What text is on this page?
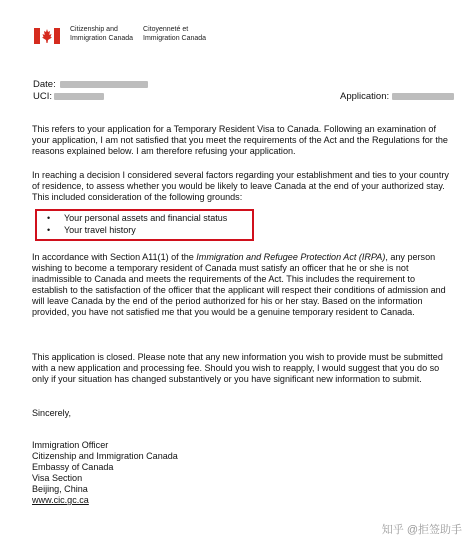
Citizenship and
Immigration Canada
Citoyenneté et
Immigration Canada
Date:
UCI:	Application:

This refers to your application for a Temporary Resident Visa to Canada. Following an examination of your application, I am not satisfied that you meet the requirements of the Act and the Regulations for the reasons explained below. I am therefore refusing your application.

In reaching a decision I considered several factors regarding your establishment and ties to your country of residence, to assess whether you would be likely to leave Canada at the end of your authorized stay. This included consideration of the following grounds:

• Your personal assets and financial status
• Your travel history

In accordance with Section A11(1) of the Immigration and Refugee Protection Act (IRPA), any person wishing to become a temporary resident of Canada must satisfy an officer that he or she is not inadmissible to Canada and meets the requirements of the Act. This includes the requirement to establish to the satisfaction of the officer that the applicant will respect their conditions of admission and will leave Canada by the end of the period authorized for his or her stay. Based on the information provided, you have not satisfied me that you would be a genuine temporary resident to Canada.

This application is closed. Please note that any new information you wish to provide must be submitted with a new application and processing fee. Should you wish to reapply, I would suggest that you do so only if your situation has changed substantively or you have significant new information to submit.

Sincerely,
Immigration Officer
Citizenship and Immigration Canada
Embassy of Canada
Visa Section
Beijing, China
www.cic.gc.ca
知乎 @拒签助手
